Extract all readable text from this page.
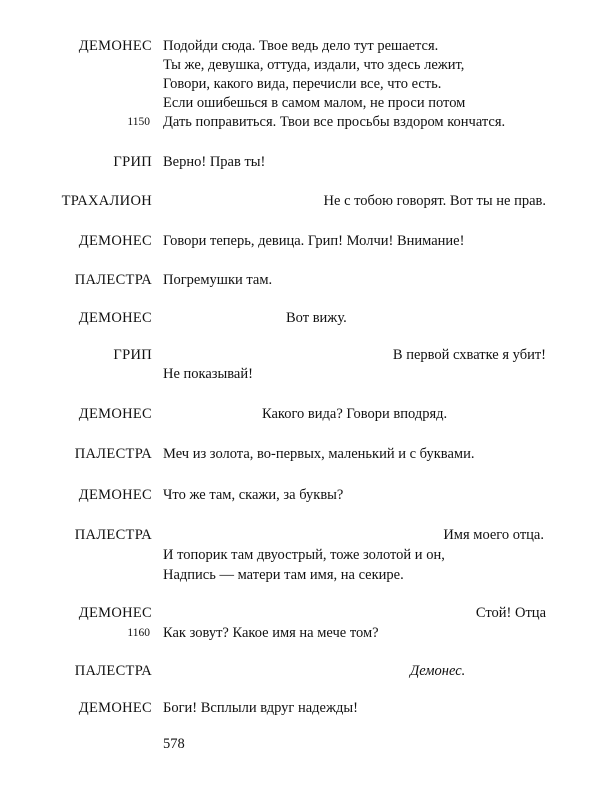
ДЕМОНЕС Подойди сюда. Твое ведь дело тут решается.
Ты же, девушка, оттуда, издали, что здесь лежит,
Говори, какого вида, перечисли все, что есть.
Если ошибешься в самом малом, не проси потом
1150 Дать поправиться. Твои все просьбы вздором кончатся.
ГРИП Верно! Прав ты!
ТРАХАЛИОН	Не с тобою говорят. Вот ты не прав.
ДЕМОНЕС Говори теперь, девица. Грип! Молчи! Внимание!
ПАЛЕСТРА Погремушки там.
ДЕМОНЕС	Вот вижу.
ГРИП	В первой схватке я убит!
Не показывай!
ДЕМОНЕС	Какого вида? Говори вподряд.
ПАЛЕСТРА Меч из золота, во-первых, маленький и с буквами.
ДЕМОНЕС Что же там, скажи, за буквы?
ПАЛЕСТРА	Имя моего отца.
И топорик там двуострый, тоже золотой и он,
Надпись — матери там имя, на секире.
ДЕМОНЕС	Стой! Отца
1160 Как зовут? Какое имя на мече том?
ПАЛЕСТРА	Демонес.
ДЕМОНЕС Боги! Всплыли вдруг надежды!
578
